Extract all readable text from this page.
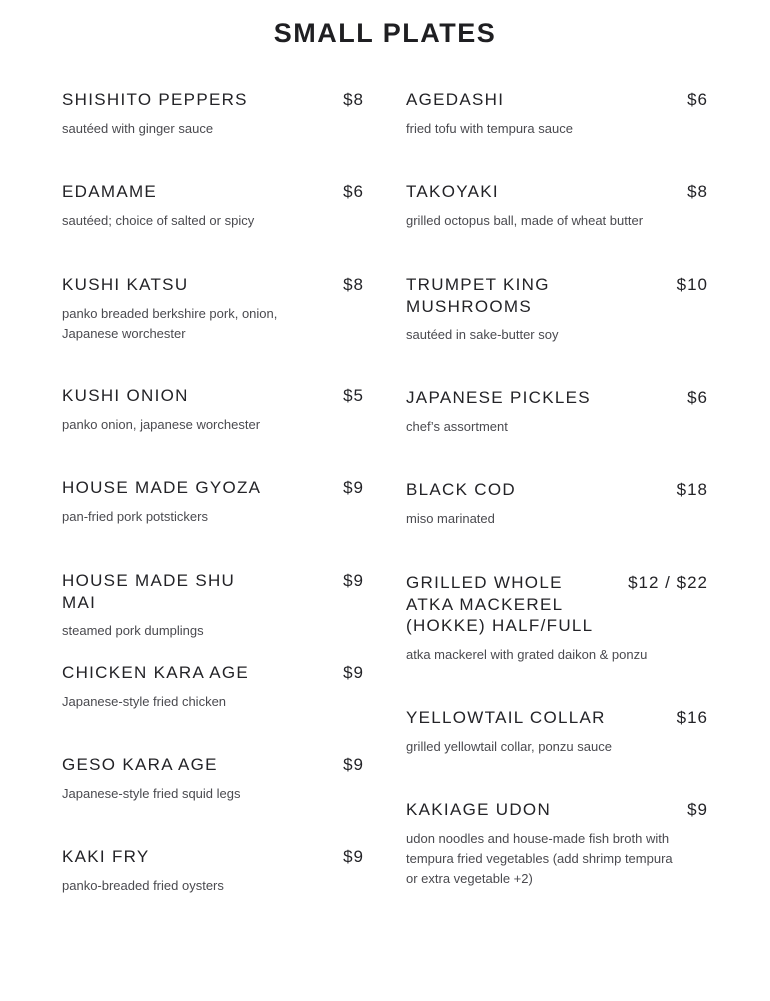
SMALL PLATES
SHISHITO PEPPERS	$8
sautéed with ginger sauce
EDAMAME	$6
sautéed; choice of salted or spicy
KUSHI KATSU	$8
panko breaded berkshire pork, onion, Japanese worchester
KUSHI ONION	$5
panko onion, japanese worchester
HOUSE MADE GYOZA	$9
pan-fried pork potstickers
HOUSE MADE SHU MAI
$9
steamed pork dumplings
CHICKEN KARA AGE	$9
Japanese-style fried chicken
GESO KARA AGE	$9
Japanese-style fried squid legs
KAKI FRY	$9
panko-breaded fried oysters
AGEDASHI	$6
fried tofu with tempura sauce
TAKOYAKI	$8
grilled octopus ball, made of wheat butter
TRUMPET KING MUSHROOMS
$10
sautéed in sake-butter soy
JAPANESE PICKLES	$6
chef’s assortment
BLACK COD	$18
miso marinated
GRILLED WHOLE ATKA MACKEREL (HOKKE) HALF/FULL
$12 / $22
atka mackerel with grated daikon & ponzu
YELLOWTAIL COLLAR	$16
grilled yellowtail collar, ponzu sauce
KAKIAGE UDON	$9
udon noodles and house-made fish broth with tempura fried vegetables (add shrimp tempura or extra vegetable +2)
